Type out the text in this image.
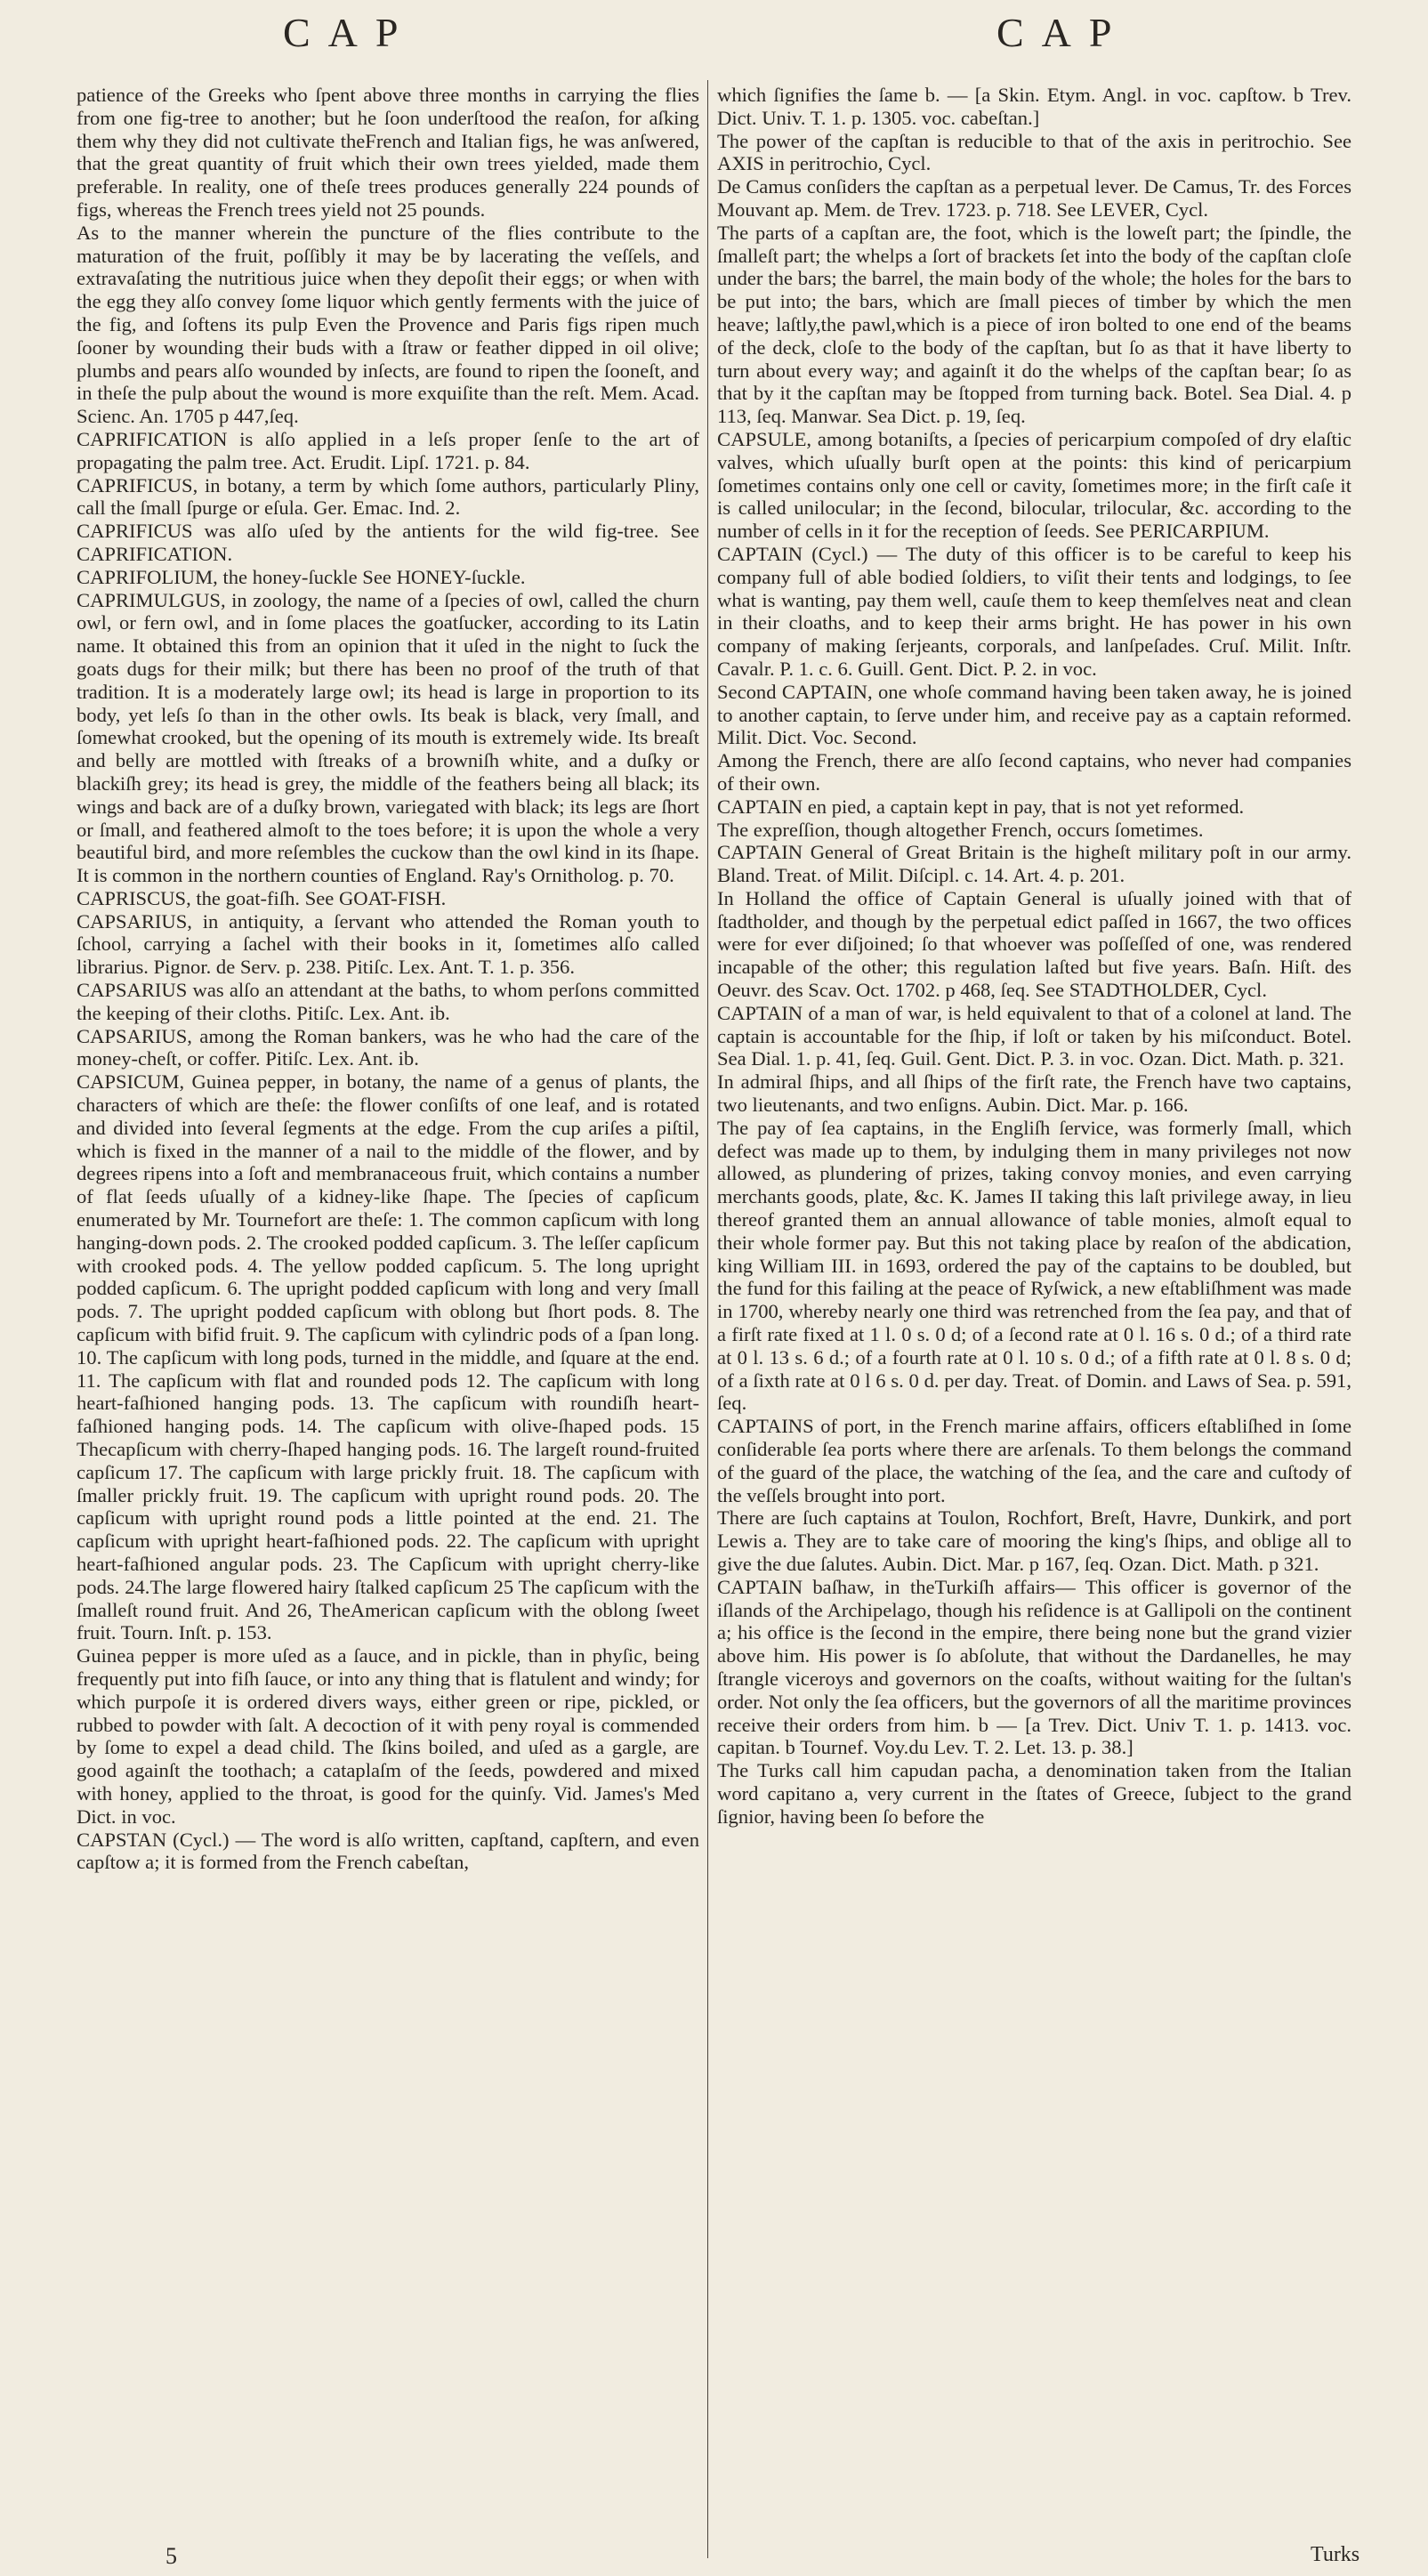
CAP	CAP

patience of the Greeks who ſpent above three months in carrying the flies from one fig-tree to another; but he ſoon underſtood the reaſon, for aſking them why they did not cultivate theFrench and Italian figs, he was anſwered, that the great quantity of fruit which their own trees yielded, made them preferable. In reality, one of theſe trees produces generally 224 pounds of figs, whereas the French trees yield not 25 pounds.

As to the manner wherein the puncture of the flies contribute to the maturation of the fruit, poſſibly it may be by lacerating the veſſels, and extravaſating the nutritious juice when they depoſit their eggs; or when with the egg they alſo convey ſome liquor which gently ferments with the juice of the fig, and ſoftens its pulp Even the Provence and Paris figs ripen much ſooner by wounding their buds with a ſtraw or feather dipped in oil olive; plumbs and pears alſo wounded by inſects, are found to ripen the ſooneſt, and in theſe the pulp about the wound is more exquiſite than the reſt. Mem. Acad. Scienc. An. 1705 p 447,ſeq.

CAPRIFICATION is alſo applied in a leſs proper ſenſe to the art of propagating the palm tree. Act. Erudit. Lipſ. 1721. p. 84.

CAPRIFICUS, in botany, a term by which ſome authors, particularly Pliny, call the ſmall ſpurge or eſula. Ger. Emac. Ind. 2.

CAPRIFICUS was alſo uſed by the antients for the wild fig-tree. See CAPRIFICATION.

CAPRIFOLIUM, the honey-ſuckle See HONEY-ſuckle.

CAPRIMULGUS, in zoology, the name of a ſpecies of owl, called the churn owl, or fern owl, and in ſome places the goatſucker, according to its Latin name. It obtained this from an opinion that it uſed in the night to ſuck the goats dugs for their milk; but there has been no proof of the truth of that tradition. It is a moderately large owl; its head is large in proportion to its body, yet leſs ſo than in the other owls. Its beak is black, very ſmall, and ſomewhat crooked, but the opening of its mouth is extremely wide. Its breaſt and belly are mottled with ſtreaks of a browniſh white, and a duſky or blackiſh grey; its head is grey, the middle of the feathers being all black; its wings and back are of a duſky brown, variegated with black; its legs are ſhort or ſmall, and feathered almoſt to the toes before; it is upon the whole a very beautiful bird, and more reſembles the cuckow than the owl kind in its ſhape. It is common in the northern counties of England. Ray's Ornitholog. p. 70.

CAPRISCUS, the goat-fiſh. See GOAT-FISH.

CAPSARIUS, in antiquity, a ſervant who attended the Roman youth to ſchool, carrying a ſachel with their books in it, ſometimes alſo called librarius. Pignor. de Serv. p. 238. Pitiſc. Lex. Ant. T. 1. p. 356.

CAPSARIUS was alſo an attendant at the baths, to whom perſons committed the keeping of their cloths. Pitiſc. Lex. Ant. ib.

CAPSARIUS, among the Roman bankers, was he who had the care of the money-cheſt, or coffer. Pitiſc. Lex. Ant. ib.

CAPSICUM, Guinea pepper, in botany, the name of a genus of plants, the characters of which are theſe: the flower conſiſts of one leaf, and is rotated and divided into ſeveral ſegments at the edge. From the cup ariſes a piſtil, which is fixed in the manner of a nail to the middle of the flower, and by degrees ripens into a ſoft and membranaceous fruit, which contains a number of flat ſeeds uſually of a kidney-like ſhape. The ſpecies of capſicum enumerated by Mr. Tournefort are theſe: 1. The common capſicum with long hanging-down pods. 2. The crooked podded capſicum. 3. The leſſer capſicum with crooked pods. 4. The yellow podded capſicum. 5. The long upright podded capſicum. 6. The upright podded capſicum with long and very ſmall pods. 7. The upright podded capſicum with oblong but ſhort pods. 8. The capſicum with bifid fruit. 9. The capſicum with cylindric pods of a ſpan long. 10. The capſicum with long pods, turned in the middle, and ſquare at the end. 11. The capſicum with flat and rounded pods 12. The capſicum with long heart-faſhioned hanging pods. 13. The capſicum with roundiſh heart-faſhioned hanging pods. 14. The capſicum with olive-ſhaped pods. 15 Thecapſicum with cherry-ſhaped hanging pods. 16. The largeſt round-fruited capſicum 17. The capſicum with large prickly fruit. 18. The capſicum with ſmaller prickly fruit. 19. The capſicum with upright round pods. 20. The capſicum with upright round pods a little pointed at the end. 21. The capſicum with upright heart-faſhioned pods. 22. The capſicum with upright heart-faſhioned angular pods. 23. The Capſicum with upright cherry-like pods. 24.The large flowered hairy ſtalked capſicum 25 The capſicum with the ſmalleſt round fruit. And 26, TheAmerican capſicum with the oblong ſweet fruit. Tourn. Inſt. p. 153.

Guinea pepper is more uſed as a ſauce, and in pickle, than in phyſic, being frequently put into fiſh ſauce, or into any thing that is flatulent and windy; for which purpoſe it is ordered divers ways, either green or ripe, pickled, or rubbed to powder with ſalt. A decoction of it with peny royal is commended by ſome to expel a dead child. The ſkins boiled, and uſed as a gargle, are good againſt the toothach; a cataplaſm of the ſeeds, powdered and mixed with honey, applied to the throat, is good for the quinſy. Vid. James's Med Dict. in voc.

CAPSTAN (Cycl.) — The word is alſo written, capſtand, capſtern, and even capſtow a; it is formed from the French cabeſtan,

which ſignifies the ſame b. — [a Skin. Etym. Angl. in voc. capſtow. b Trev. Dict. Univ. T. 1. p. 1305. voc. cabeſtan.]

The power of the capſtan is reducible to that of the axis in peritrochio. See AXIS in peritrochio, Cycl.

De Camus conſiders the capſtan as a perpetual lever. De Camus, Tr. des Forces Mouvant ap. Mem. de Trev. 1723. p. 718. See LEVER, Cycl.

The parts of a capſtan are, the foot, which is the loweſt part; the ſpindle, the ſmalleſt part; the whelps a ſort of brackets ſet into the body of the capſtan cloſe under the bars; the barrel, the main body of the whole; the holes for the bars to be put into; the bars, which are ſmall pieces of timber by which the men heave; laſtly,the pawl,which is a piece of iron bolted to one end of the beams of the deck, cloſe to the body of the capſtan, but ſo as that it have liberty to turn about every way; and againſt it do the whelps of the capſtan bear; ſo as that by it the capſtan may be ſtopped from turning back. Botel. Sea Dial. 4. p 113, ſeq. Manwar. Sea Dict. p. 19, ſeq.

CAPSULE, among botaniſts, a ſpecies of pericarpium compoſed of dry elaſtic valves, which uſually burſt open at the points: this kind of pericarpium ſometimes contains only one cell or cavity, ſometimes more; in the firſt caſe it is called unilocular; in the ſecond, bilocular, trilocular, &c. according to the number of cells in it for the reception of ſeeds. See PERICARPIUM.

CAPTAIN (Cycl.) — The duty of this officer is to be careful to keep his company full of able bodied ſoldiers, to viſit their tents and lodgings, to ſee what is wanting, pay them well, cauſe them to keep themſelves neat and clean in their cloaths, and to keep their arms bright. He has power in his own company of making ſerjeants, corporals, and lanſpeſades. Cruſ. Milit. Inſtr. Cavalr. P. 1. c. 6. Guill. Gent. Dict. P. 2. in voc.

Second CAPTAIN, one whoſe command having been taken away, he is joined to another captain, to ſerve under him, and receive pay as a captain reformed. Milit. Dict. Voc. Second.

Among the French, there are alſo ſecond captains, who never had companies of their own.

CAPTAIN en pied, a captain kept in pay, that is not yet reformed.

The expreſſion, though altogether French, occurs ſometimes.

CAPTAIN General of Great Britain is the higheſt military poſt in our army. Bland. Treat. of Milit. Diſcipl. c. 14. Art. 4. p. 201.

In Holland the office of Captain General is uſually joined with that of ſtadtholder, and though by the perpetual edict paſſed in 1667, the two offices were for ever diſjoined; ſo that whoever was poſſeſſed of one, was rendered incapable of the other; this regulation laſted but five years. Baſn. Hiſt. des Oeuvr. des Scav. Oct. 1702. p 468, ſeq. See STADTHOLDER, Cycl.

CAPTAIN of a man of war, is held equivalent to that of a colonel at land. The captain is accountable for the ſhip, if loſt or taken by his miſconduct. Botel. Sea Dial. 1. p. 41, ſeq. Guil. Gent. Dict. P. 3. in voc. Ozan. Dict. Math. p. 321.

In admiral ſhips, and all ſhips of the firſt rate, the French have two captains, two lieutenants, and two enſigns. Aubin. Dict. Mar. p. 166.

The pay of ſea captains, in the Engliſh ſervice, was formerly ſmall, which defect was made up to them, by indulging them in many privileges not now allowed, as plundering of prizes, taking convoy monies, and even carrying merchants goods, plate, &c. K. James II taking this laſt privilege away, in lieu thereof granted them an annual allowance of table monies, almoſt equal to their whole former pay. But this not taking place by reaſon of the abdication, king William III. in 1693, ordered the pay of the captains to be doubled, but the fund for this failing at the peace of Ryſwick, a new eſtabliſhment was made in 1700, whereby nearly one third was retrenched from the ſea pay, and that of a firſt rate fixed at 1 l. 0 s. 0 d; of a ſecond rate at 0 l. 16 s. 0 d.; of a third rate at 0 l. 13 s. 6 d.; of a fourth rate at 0 l. 10 s. 0 d.; of a fifth rate at 0 l. 8 s. 0 d; of a ſixth rate at 0 l 6 s. 0 d. per day. Treat. of Domin. and Laws of Sea. p. 591, ſeq.

CAPTAINS of port, in the French marine affairs, officers eſtabliſhed in ſome conſiderable ſea ports where there are arſenals. To them belongs the command of the guard of the place, the watching of the ſea, and the care and cuſtody of the veſſels brought into port.

There are ſuch captains at Toulon, Rochfort, Breſt, Havre, Dunkirk, and port Lewis a. They are to take care of mooring the king's ſhips, and oblige all to give the due ſalutes. Aubin. Dict. Mar. p 167, ſeq. Ozan. Dict. Math. p 321.

CAPTAIN baſhaw, in theTurkiſh affairs— This officer is governor of the iſlands of the Archipelago, though his reſidence is at Gallipoli on the continent a; his office is the ſecond in the empire, there being none but the grand vizier above him. His power is ſo abſolute, that without the Dardanelles, he may ſtrangle viceroys and governors on the coaſts, without waiting for the ſultan's order. Not only the ſea officers, but the governors of all the maritime provinces receive their orders from him. b — [a Trev. Dict. Univ T. 1. p. 1413. voc. capitan. b Tournef. Voy.du Lev. T. 2. Let. 13. p. 38.]

The Turks call him capudan pacha, a denomination taken from the Italian word capitano a, very current in the ſtates of Greece, ſubject to the grand ſignior, having been ſo before the

5	Turks
